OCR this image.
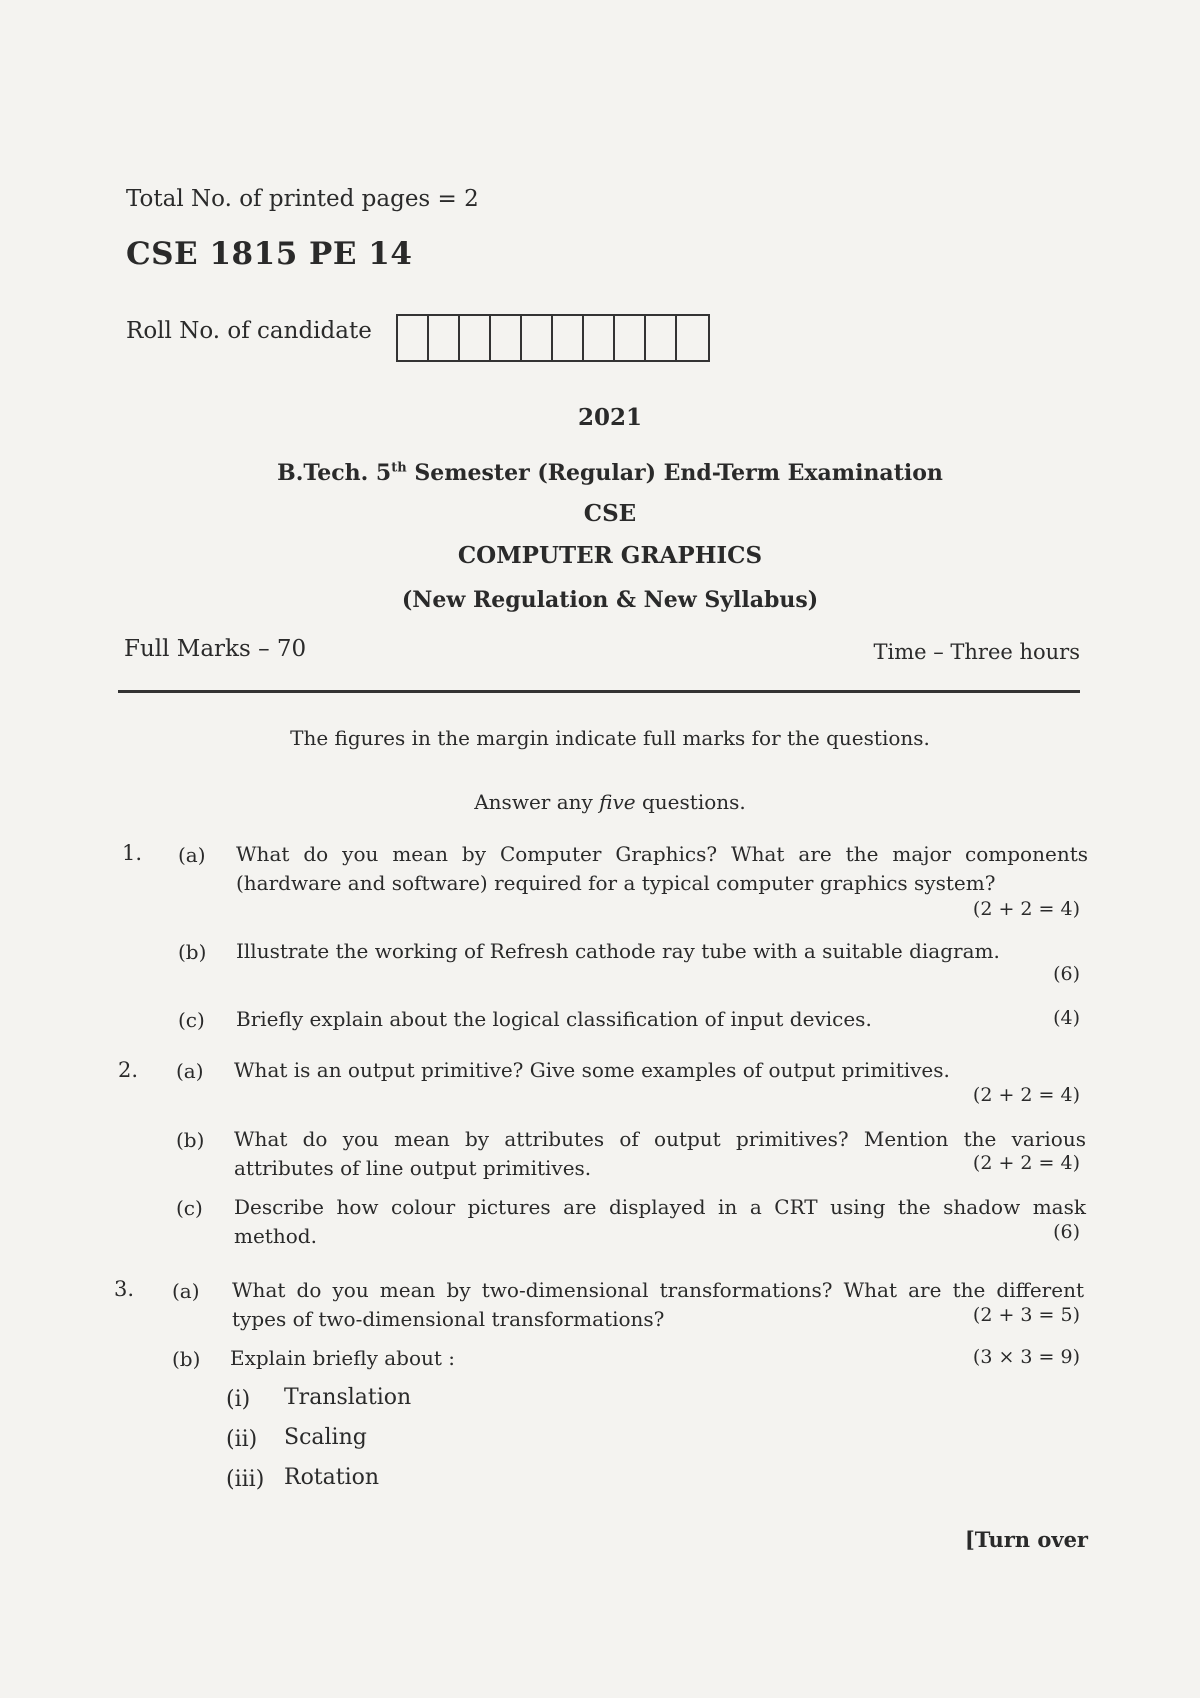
Total No. of printed pages = 2
CSE 1815 PE 14
Roll No. of candidate
2021
B.Tech. 5th Semester (Regular) End-Term Examination
CSE
COMPUTER GRAPHICS
(New Regulation & New Syllabus)
Full Marks – 70	Time – Three hours
The figures in the margin indicate full marks for the questions.
Answer any five questions.
1. (a) What do you mean by Computer Graphics? What are the major components (hardware and software) required for a typical computer graphics system?
(2 + 2 = 4)
(b) Illustrate the working of Refresh cathode ray tube with a suitable diagram.
(6)
(c) Briefly explain about the logical classification of input devices.	(4)
2. (a) What is an output primitive? Give some examples of output primitives.
(2 + 2 = 4)
(b) What do you mean by attributes of output primitives? Mention the various attributes of line output primitives.	(2 + 2 = 4)
(c) Describe how colour pictures are displayed in a CRT using the shadow mask method.	(6)
3. (a) What do you mean by two-dimensional transformations? What are the different types of two-dimensional transformations?	(2 + 3 = 5)
(b) Explain briefly about :	(3 × 3 = 9)
(i) Translation
(ii) Scaling
(iii) Rotation
[Turn over
